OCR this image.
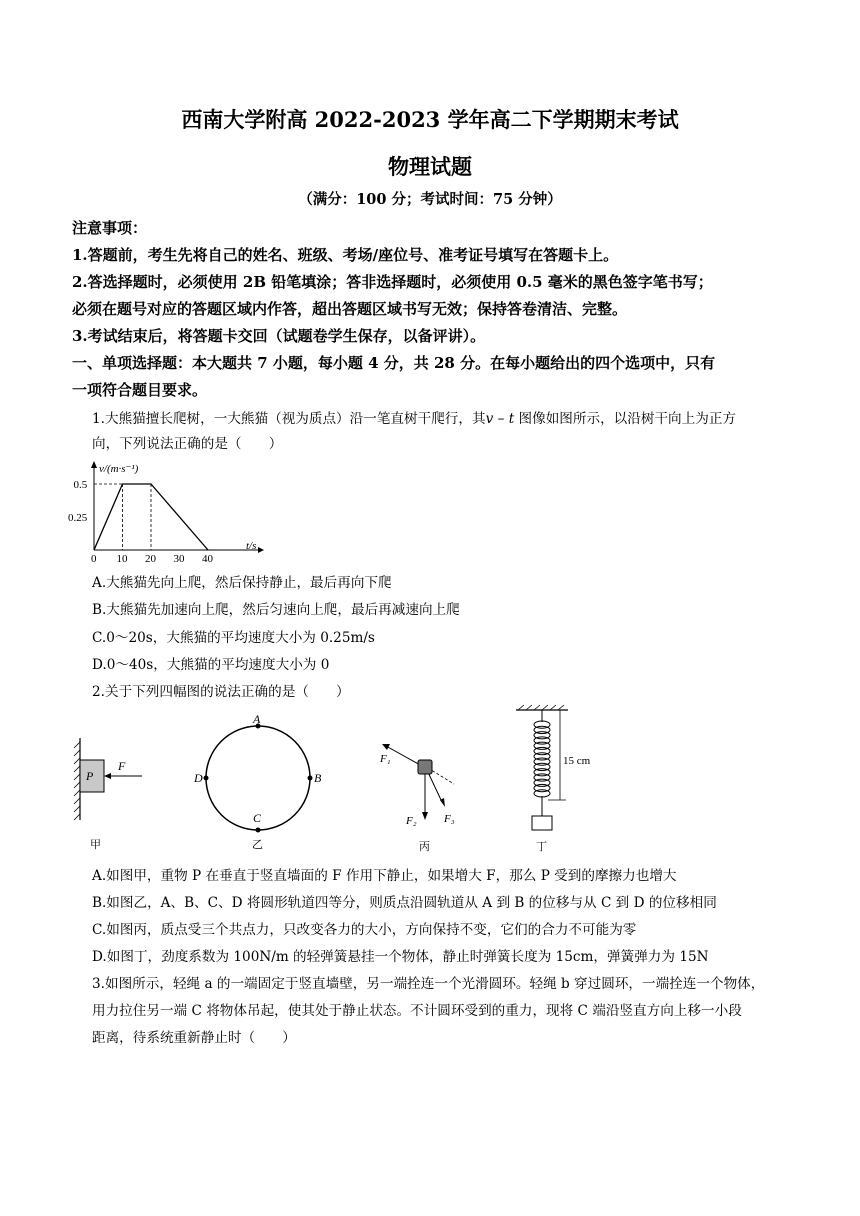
西南大学附高 2022-2023 学年高二下学期期末考试
物理试题
（满分：100 分；考试时间：75 分钟）
注意事项：
1.答题前，考生先将自己的姓名、班级、考场/座位号、准考证号填写在答题卡上。
2.答选择题时，必须使用 2B 铅笔填涂；答非选择题时，必须使用 0.5 毫米的黑色签字笔书写；
必须在题号对应的答题区域内作答，超出答题区域书写无效；保持答卷清洁、完整。
3.考试结束后，将答题卡交回（试题卷学生保存，以备评讲）。
一、单项选择题：本大题共 7 小题，每小题 4 分，共 28 分。在每小题给出的四个选项中，只有
一项符合题目要求。
1.大熊猫擅长爬树，一大熊猫（视为质点）沿一笔直树干爬行，其v – t 图像如图所示，以沿树干向上为正方
向，下列说法正确的是（　　）
v/(m·s⁻¹)
t/s
0 10 20 30 40
0.5
0.25
A.大熊猫先向上爬，然后保持静止，最后再向下爬
B.大熊猫先加速向上爬，然后匀速向上爬，最后再减速向上爬
C.0～20s，大熊猫的平均速度大小为 0.25m/s
D.0～40s，大熊猫的平均速度大小为 0
2.关于下列四幅图的说法正确的是（　　）
P
F
甲
A
B
C
D
乙
F₁
F₂ F₃
丙
15 cm
丁
A.如图甲，重物 P 在垂直于竖直墙面的 F 作用下静止，如果增大 F，那么 P 受到的摩擦力也增大
B.如图乙，A、B、C、D 将圆形轨道四等分，则质点沿圆轨道从 A 到 B 的位移与从 C 到 D 的位移相同
C.如图丙，质点受三个共点力，只改变各力的大小，方向保持不变，它们的合力不可能为零
D.如图丁，劲度系数为 100N/m 的轻弹簧悬挂一个物体，静止时弹簧长度为 15cm，弹簧弹力为 15N
3.如图所示，轻绳 a 的一端固定于竖直墙壁，另一端拴连一个光滑圆环。轻绳 b 穿过圆环，一端拴连一个物体，
用力拉住另一端 C 将物体吊起，使其处于静止状态。不计圆环受到的重力，现将 C 端沿竖直方向上移一小段
距离，待系统重新静止时（　　）
